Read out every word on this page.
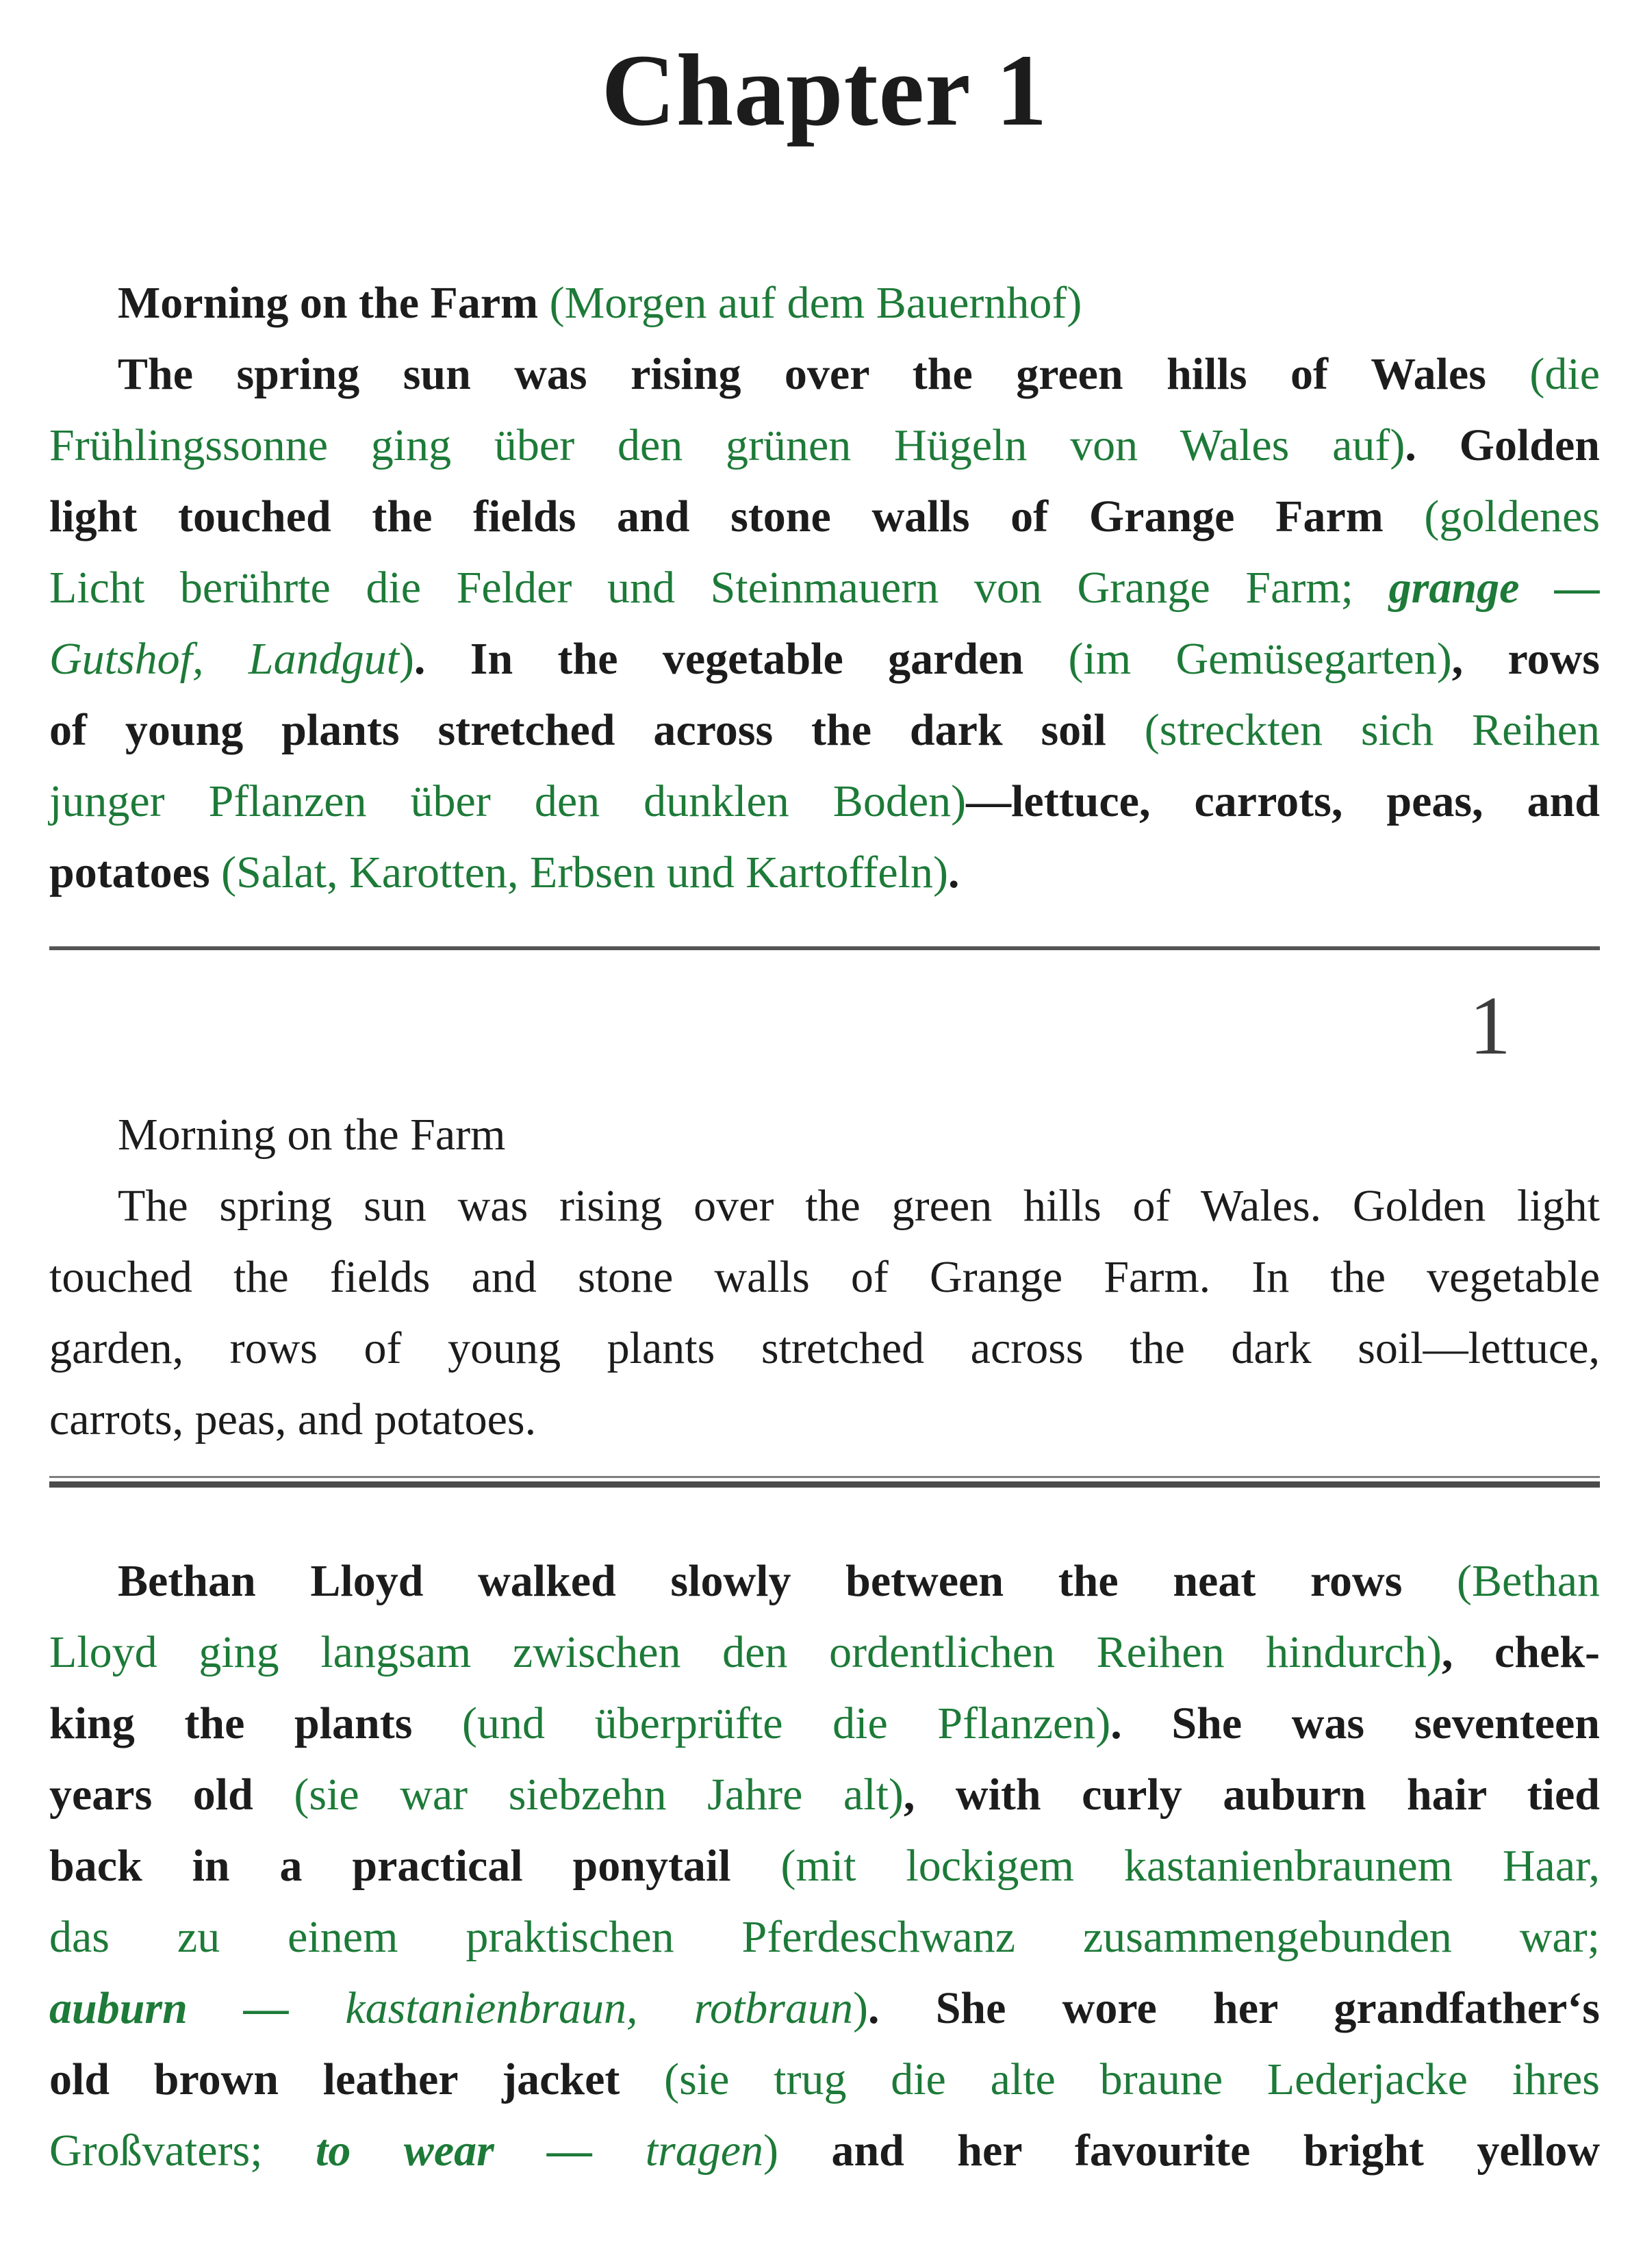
Chapter 1

Morning on the Farm (Morgen auf dem Bauernhof)

The spring sun was rising over the green hills of Wales (die
Frühlingssonne ging über den grünen Hügeln von Wales auf). Golden
light touched the fields and stone walls of Grange Farm (goldenes
Licht berührte die Felder und Steinmauern von Grange Farm; grange —
Gutshof, Landgut). In the vegetable garden (im Gemüsegarten), rows
of young plants stretched across the dark soil (streckten sich Reihen
junger Pflanzen über den dunklen Boden)—lettuce, carrots, peas, and
potatoes (Salat, Karotten, Erbsen und Kartoffeln).

1

Morning on the Farm

The spring sun was rising over the green hills of Wales. Golden light
touched the fields and stone walls of Grange Farm. In the vegetable
garden, rows of young plants stretched across the dark soil—lettuce,
carrots, peas, and potatoes.

Bethan Lloyd walked slowly between the neat rows (Bethan
Lloyd ging langsam zwischen den ordentlichen Reihen hindurch), chek-
king the plants (und überprüfte die Pflanzen). She was seventeen
years old (sie war siebzehn Jahre alt), with curly auburn hair tied
back in a practical ponytail (mit lockigem kastanienbraunem Haar,
das zu einem praktischen Pferdeschwanz zusammengebunden war;
auburn — kastanienbraun, rotbraun). She wore her grandfather‘s
old brown leather jacket (sie trug die alte braune Lederjacke ihres
Großvaters; to wear — tragen) and her favourite bright yellow
